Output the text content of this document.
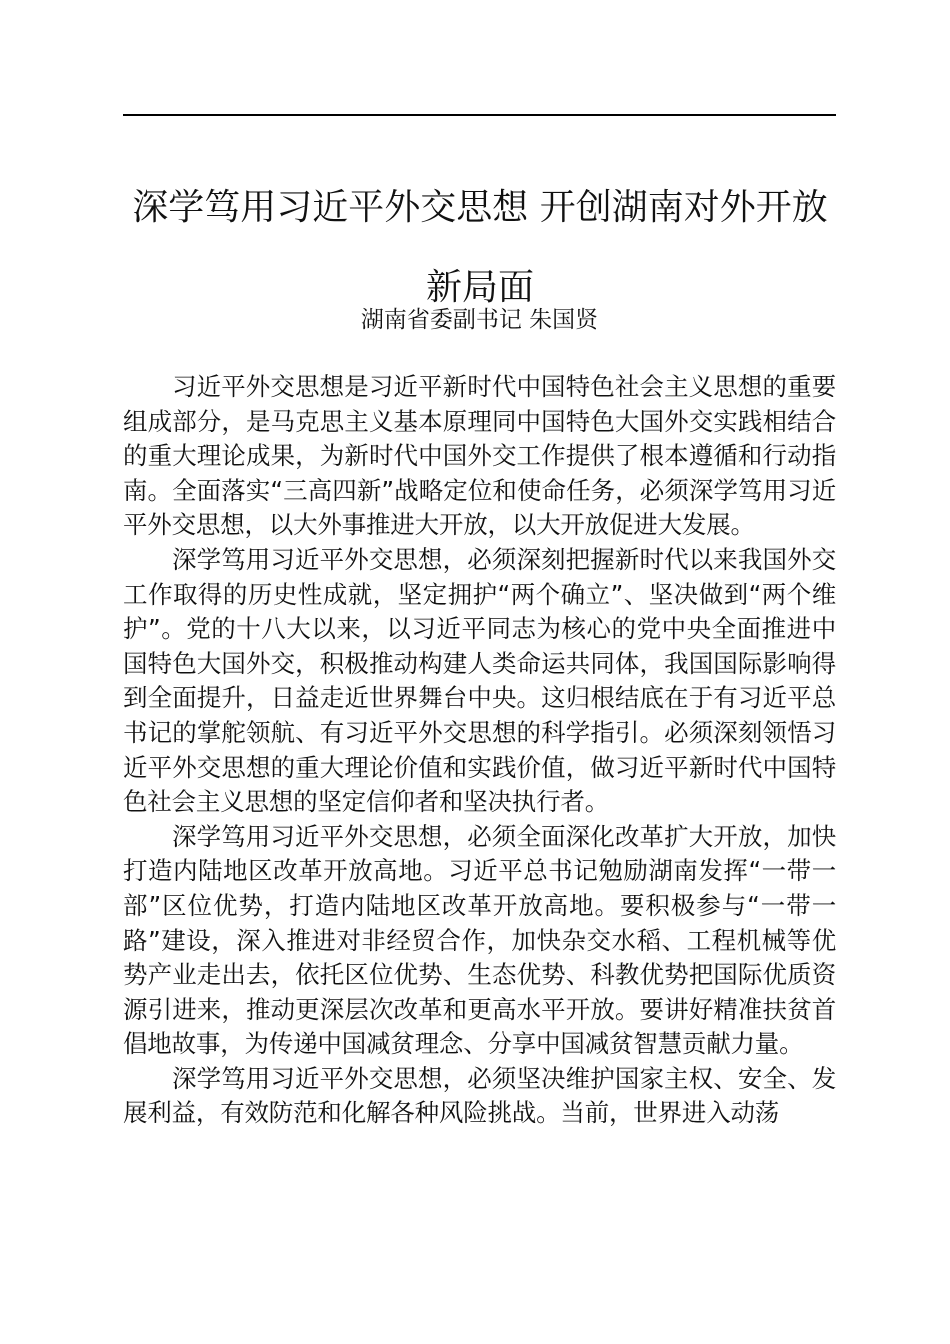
深学笃用习近平外交思想 开创湖南对外开放新局面

湖南省委副书记 朱国贤

习近平外交思想是习近平新时代中国特色社会主义思想的重要组成部分，是马克思主义基本原理同中国特色大国外交实践相结合的重大理论成果，为新时代中国外交工作提供了根本遵循和行动指南。全面落实“三高四新”战略定位和使命任务，必须深学笃用习近平外交思想，以大外事推进大开放，以大开放促进大发展。

深学笃用习近平外交思想，必须深刻把握新时代以来我国外交工作取得的历史性成就，坚定拥护“两个确立”、坚决做到“两个维护”。党的十八大以来，以习近平同志为核心的党中央全面推进中国特色大国外交，积极推动构建人类命运共同体，我国国际影响得到全面提升，日益走近世界舞台中央。这归根结底在于有习近平总书记的掌舵领航、有习近平外交思想的科学指引。必须深刻领悟习近平外交思想的重大理论价值和实践价值，做习近平新时代中国特色社会主义思想的坚定信仰者和坚决执行者。

深学笃用习近平外交思想，必须全面深化改革扩大开放，加快打造内陆地区改革开放高地。习近平总书记勉励湖南发挥“一带一部”区位优势，打造内陆地区改革开放高地。要积极参与“一带一路”建设，深入推进对非经贸合作，加快杂交水稻、工程机械等优势产业走出去，依托区位优势、生态优势、科教优势把国际优质资源引进来，推动更深层次改革和更高水平开放。要讲好精准扶贫首倡地故事，为传递中国减贫理念、分享中国减贫智慧贡献力量。

深学笃用习近平外交思想，必须坚决维护国家主权、安全、发展利益，有效防范和化解各种风险挑战。当前，世界进入动荡
